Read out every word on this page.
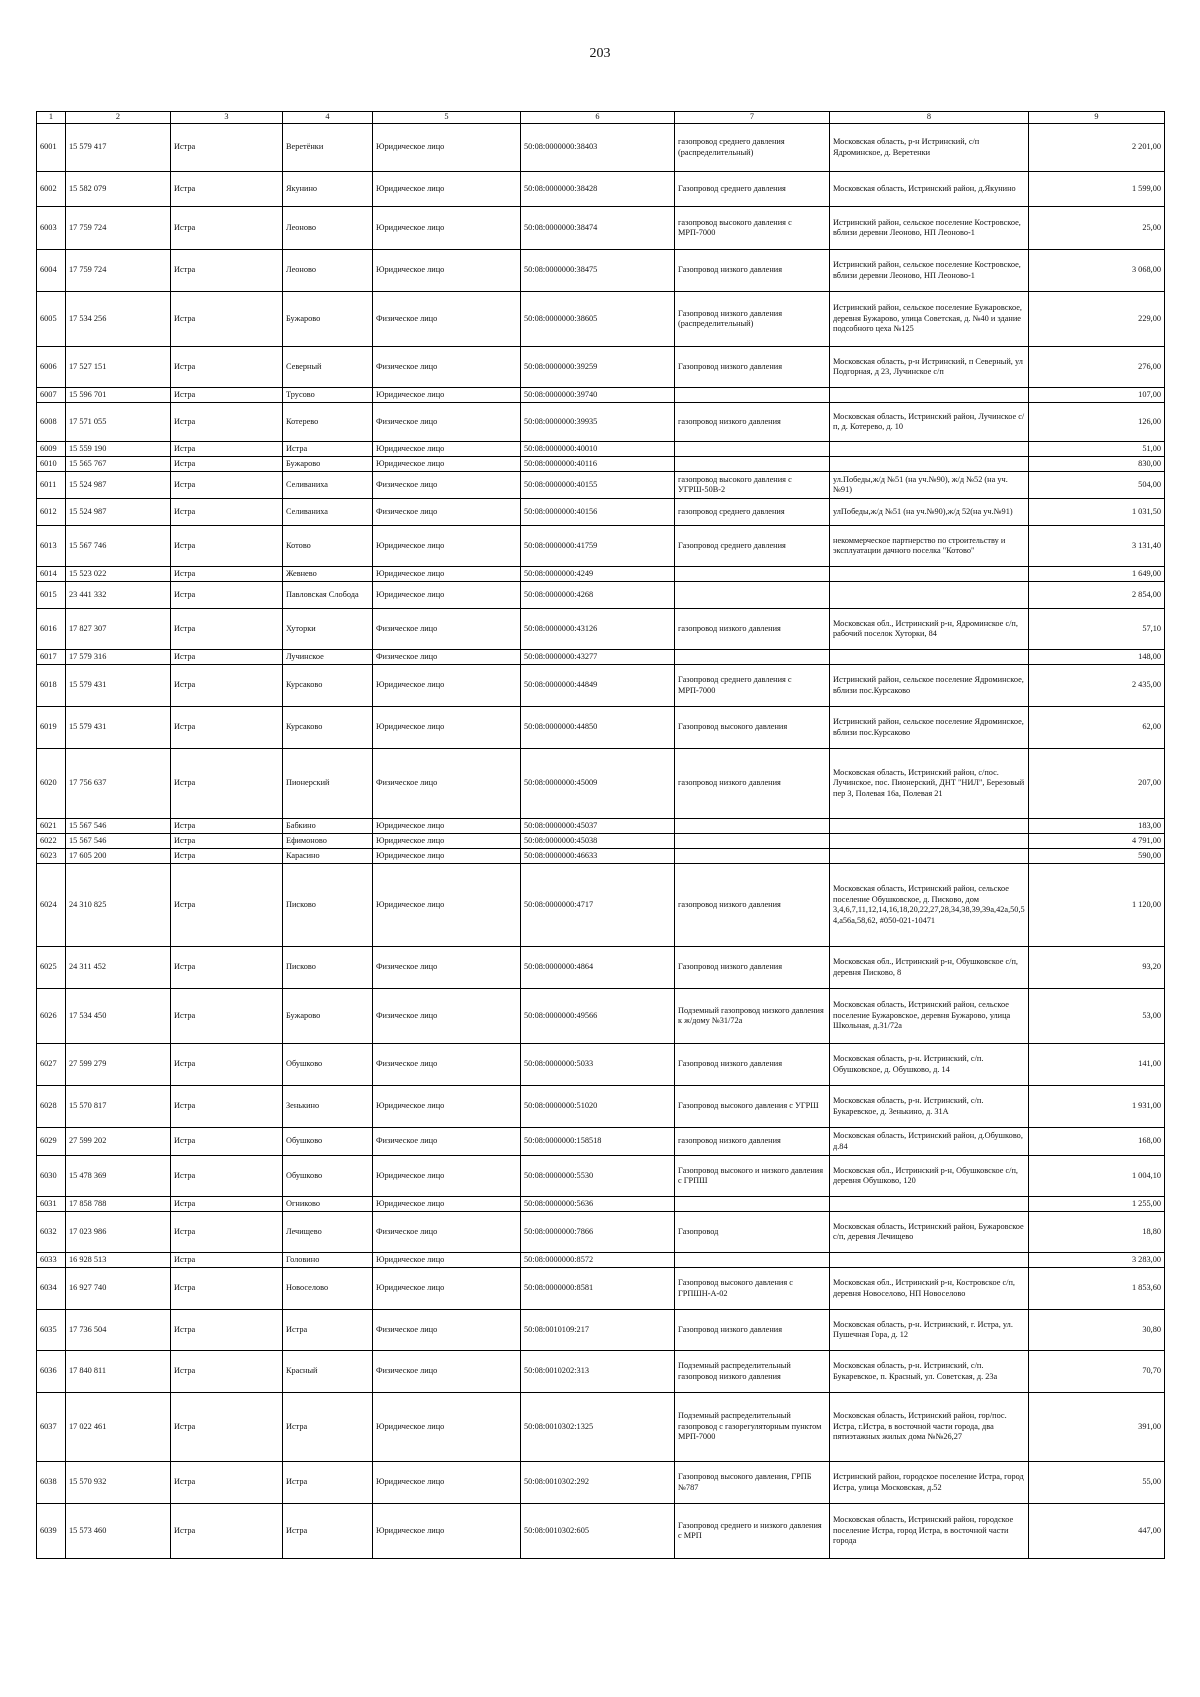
203
1	2	3	4	5	6	7	8	9
6001	15 579 417	Истра	Веретёнки	Юридическое лицо	50:08:0000000:38403	газопровод среднего давления (распределительный)	Московская область, р-н Истринский, с/п Ядроминское, д. Веретенки	2 201,00
6002	15 582 079	Истра	Якунино	Юридическое лицо	50:08:0000000:38428	Газопровод среднего давления	Московская область, Истринский район, д.Якунино	1 599,00
6003	17 759 724	Истра	Леоново	Юридическое лицо	50:08:0000000:38474	газопровод высокого давления с МРП-7000	Истринский район, сельское поселение Костровское, вблизи деревни Леоново, НП Леоново-1	25,00
6004	17 759 724	Истра	Леоново	Юридическое лицо	50:08:0000000:38475	Газопровод низкого давления	Истринский район, сельское поселение Костровское, вблизи деревни Леоново, НП Леоново-1	3 068,00
6005	17 534 256	Истра	Бужарово	Физическое лицо	50:08:0000000:38605	Газопровод низкого давления (распределительный)	Истринский район, сельское поселение Бужаровское, деревня Бужарово, улица Советская, д. №40 и здание подсобного цеха №125	229,00
6006	17 527 151	Истра	Северный	Физическое лицо	50:08:0000000:39259	Газопровод низкого давления	Московская область, р-н Истринский, п Северный, ул Подгорная, д 23, Лучинское с/п	276,00
6007	15 596 701	Истра	Трусово	Юридическое лицо	50:08:0000000:39740			107,00
6008	17 571 055	Истра	Котерево	Физическое лицо	50:08:0000000:39935	газопровод низкого давления	Московская область, Истринский район, Лучинское с/п, д. Котерево, д. 10	126,00
6009	15 559 190	Истра	Истра	Юридическое лицо	50:08:0000000:40010			51,00
6010	15 565 767	Истра	Бужарово	Юридическое лицо	50:08:0000000:40116			830,00
6011	15 524 987	Истра	Селиваниха	Физическое лицо	50:08:0000000:40155	газопровод высокого давления с УГРШ-50В-2	ул.Победы,ж/д №51 (на уч.№90), ж/д №52 (на уч.№91)	504,00
6012	15 524 987	Истра	Селиваниха	Физическое лицо	50:08:0000000:40156	газопровод среднего давления	улПобеды,ж/д №51 (на уч.№90),ж/д 52(на уч.№91)	1 031,50
6013	15 567 746	Истра	Котово	Юридическое лицо	50:08:0000000:41759	Газопровод среднего давления	некоммерческое партнерство по строительству и эксплуатации дачного поселка "Котово"	3 131,40
6014	15 523 022	Истра	Жевнево	Юридическое лицо	50:08:0000000:4249			1 649,00
6015	23 441 332	Истра	Павловская Слобода	Юридическое лицо	50:08:0000000:4268			2 854,00
6016	17 827 307	Истра	Хуторки	Физическое лицо	50:08:0000000:43126	газопровод низкого давления	Московская обл., Истринский р-н, Ядроминское с/п, рабочий поселок Хуторки, 84	57,10
6017	17 579 316	Истра	Лучинское	Физическое лицо	50:08:0000000:43277			148,00
6018	15 579 431	Истра	Курсаково	Юридическое лицо	50:08:0000000:44849	Газопровод среднего давления с МРП-7000	Истринский район, сельское поселение Ядроминское, вблизи пос.Курсаково	2 435,00
6019	15 579 431	Истра	Курсаково	Юридическое лицо	50:08:0000000:44850	Газопровод высокого давления	Истринский район, сельское поселение Ядроминское, вблизи пос.Курсаково	62,00
6020	17 756 637	Истра	Пионерский	Физическое лицо	50:08:0000000:45009	газопровод низкого давления	Московская область, Истринский район, с/пос. Лучинское, пос. Пионерский, ДНТ "НИЛ", Березовый пер 3, Полевая 16а, Полевая 21	207,00
6021	15 567 546	Истра	Бабкино	Юридическое лицо	50:08:0000000:45037			183,00
6022	15 567 546	Истра	Ефимоново	Юридическое лицо	50:08:0000000:45038			4 791,00
6023	17 605 200	Истра	Карасино	Юридическое лицо	50:08:0000000:46633			590,00
6024	24 310 825	Истра	Писково	Юридическое лицо	50:08:0000000:4717	газопровод низкого давления	Московская область, Истринский район, сельское поселение Обушковское, д. Писково, дом 3,4,6,7,11,12,14,16,18,20,22,27,28,34,38,39,39а,42а,50,54,а56а,58,62, #050-021-10471	1 120,00
6025	24 311 452	Истра	Писково	Физическое лицо	50:08:0000000:4864	Газопровод низкого давления	Московская обл., Истринский р-н, Обушковское с/п, деревня Писково, 8	93,20
6026	17 534 450	Истра	Бужарово	Физическое лицо	50:08:0000000:49566	Подземный газопровод низкого давления к ж/дому №31/72а	Московская область, Истринский район, сельское поселение Бужаровское, деревня Бужарово, улица Школьная, д.31/72а	53,00
6027	27 599 279	Истра	Обушково	Физическое лицо	50:08:0000000:5033	Газопровод низкого давления	Московская область, р-н. Истринский, с/п. Обушковское, д. Обушково, д. 14	141,00
6028	15 570 817	Истра	Зенькино	Юридическое лицо	50:08:0000000:51020	Газопровод высокого давления с УГРШ	Московская область, р-н. Истринский, с/п. Букаревское, д. Зенькино, д. 31А	1 931,00
6029	27 599 202	Истра	Обушково	Физическое лицо	50:08:0000000:158518	газопровод низкого давления	Московская область, Истринский район, д.Обушково, д.84	168,00
6030	15 478 369	Истра	Обушково	Юридическое лицо	50:08:0000000:5530	Газопровод высокого и низкого давления с ГРПШ	Московская обл., Истринский р-н, Обушковское с/п, деревня Обушково, 120	1 004,10
6031	17 858 788	Истра	Огниково	Юридическое лицо	50:08:0000000:5636			1 255,00
6032	17 023 986	Истра	Лечищево	Физическое лицо	50:08:0000000:7866	Газопровод	Московская область, Истринский район, Бужаровское с/п, деревня Лечищево	18,80
6033	16 928 513	Истра	Головино	Юридическое лицо	50:08:0000000:8572			3 283,00
6034	16 927 740	Истра	Новоселово	Юридическое лицо	50:08:0000000:8581	Газопровод высокого давления с ГРПШН-А-02	Московская обл., Истринский р-н, Костровское с/п, деревня Новоселово, НП Новоселово	1 853,60
6035	17 736 504	Истра	Истра	Физическое лицо	50:08:0010109:217	Газопровод низкого давления	Московская область, р-н. Истринский, г. Истра, ул. Пушечная Гора, д. 12	30,80
6036	17 840 811	Истра	Красный	Физическое лицо	50:08:0010202:313	Подземный распределительный газопровод низкого давления	Московская область, р-н. Истринский, с/п. Букаревское, п. Красный, ул. Советская, д. 23а	70,70
6037	17 022 461	Истра	Истра	Юридическое лицо	50:08:0010302:1325	Подземный распределительный газопровод с газорегуляторным пунктом МРП-7000	Московская область, Истринский район, гор/пос. Истра, г.Истра, в восточной части города, два пятиэтажных жилых дома №№26,27	391,00
6038	15 570 932	Истра	Истра	Юридическое лицо	50:08:0010302:292	Газопровод высокого давления, ГРПБ №787	Истринский район, городское поселение Истра, город Истра, улица Московская, д.52	55,00
6039	15 573 460	Истра	Истра	Юридическое лицо	50:08:0010302:605	Газопровод среднего и низкого давления с МРП	Московская область, Истринский район, городское поселение Истра, город Истра, в восточной части города	447,00
